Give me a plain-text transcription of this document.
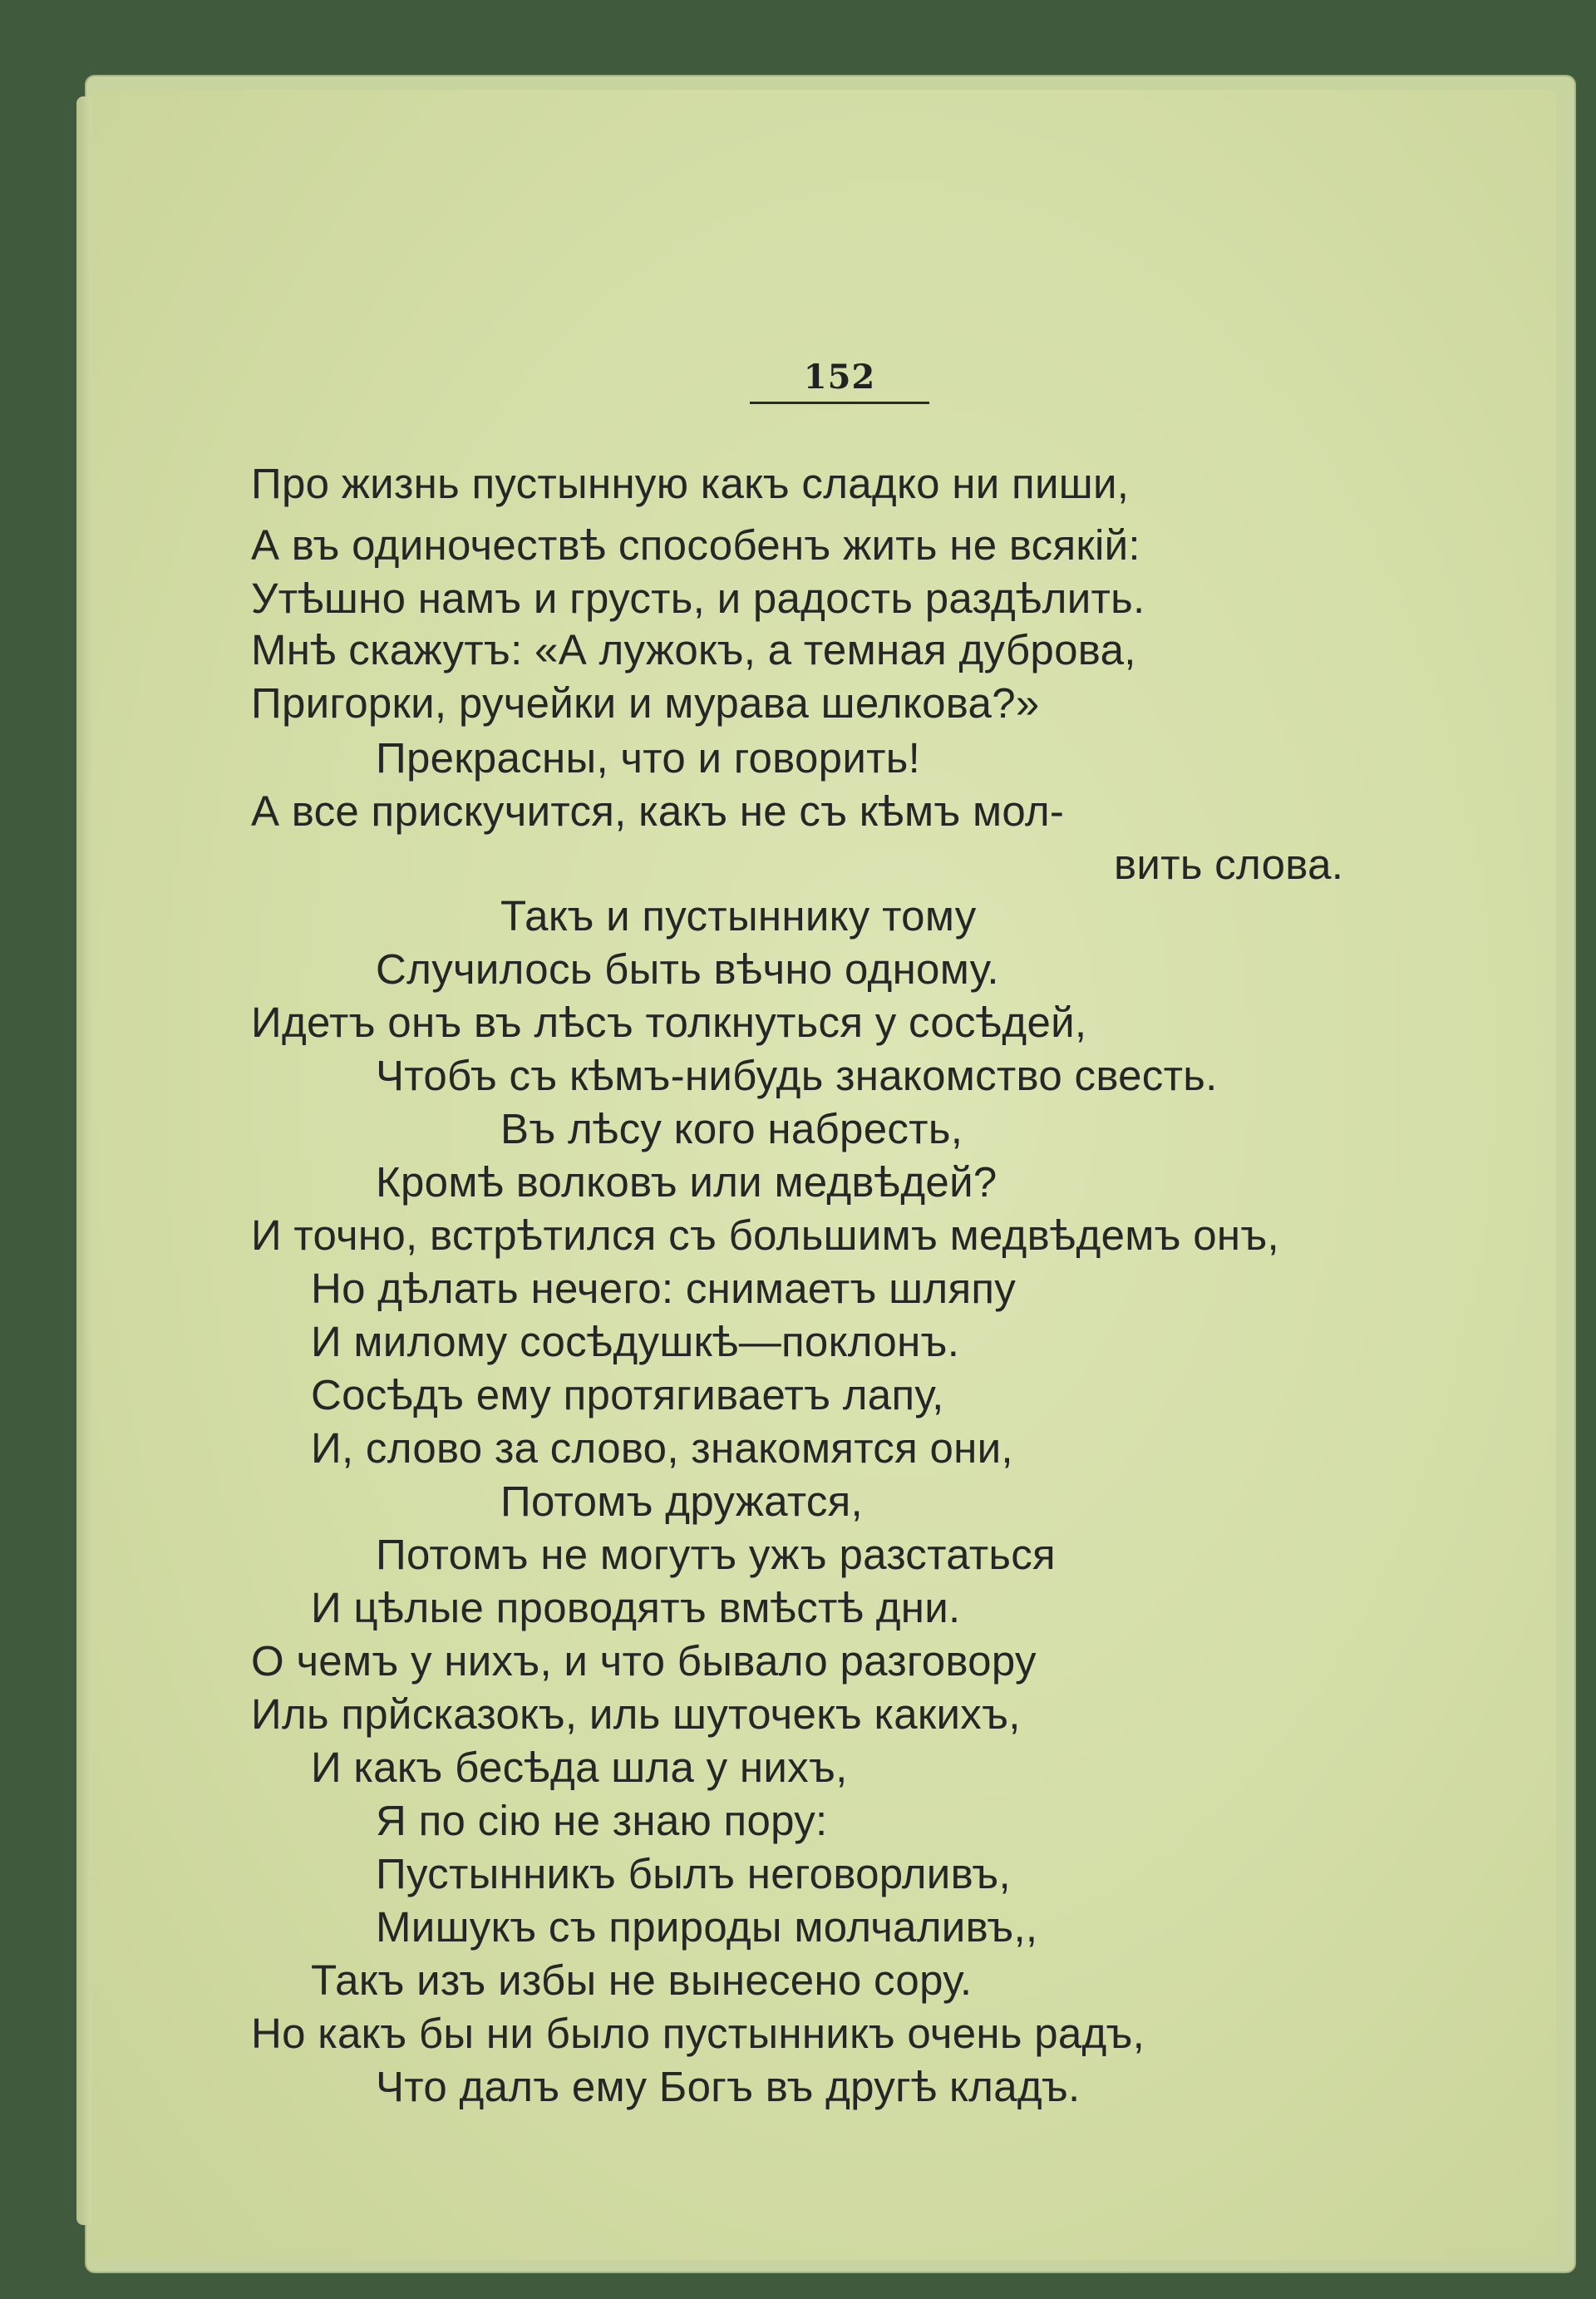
152
Про жизнь пустынную какъ сладко ни пиши,
А въ одиночествѣ способенъ жить не всякій:
Утѣшно намъ и грусть, и радость раздѣлить.
Мнѣ скажутъ: «А лужокъ, а темная дуброва,
Пригорки, ручейки и мурава шелкова?»
Прекрасны, что и говорить!
А все прискучится, какъ не съ кѣмъ мол-
вить слова.
Такъ и пустыннику тому
Случилось быть вѣчно одному.
Идетъ онъ въ лѣсъ толкнуться у сосѣдей,
Чтобъ съ кѣмъ-нибудь знакомство свесть.
Въ лѣсу кого набресть,
Кромѣ волковъ или медвѣдей?
И точно, встрѣтился съ большимъ медвѣдемъ онъ,
Но дѣлать нечего: снимаетъ шляпу
И милому сосѣдушкѣ—поклонъ.
Сосѣдъ ему протягиваетъ лапу,
И, слово за слово, знакомятся они,
Потомъ дружатся,
Потомъ не могутъ ужъ разстаться
И цѣлые проводятъ вмѣстѣ дни.
О чемъ у нихъ, и что бывало разговору
Иль прйсказокъ, иль шуточекъ какихъ,
И какъ бесѣда шла у нихъ,
Я по сію не знаю пору:
Пустынникъ былъ неговорливъ,
Мишукъ съ природы молчаливъ,,
Такъ изъ избы не вынесено сору.
Но какъ бы ни было пустынникъ очень радъ,
Что далъ ему Богъ въ другѣ кладъ.
